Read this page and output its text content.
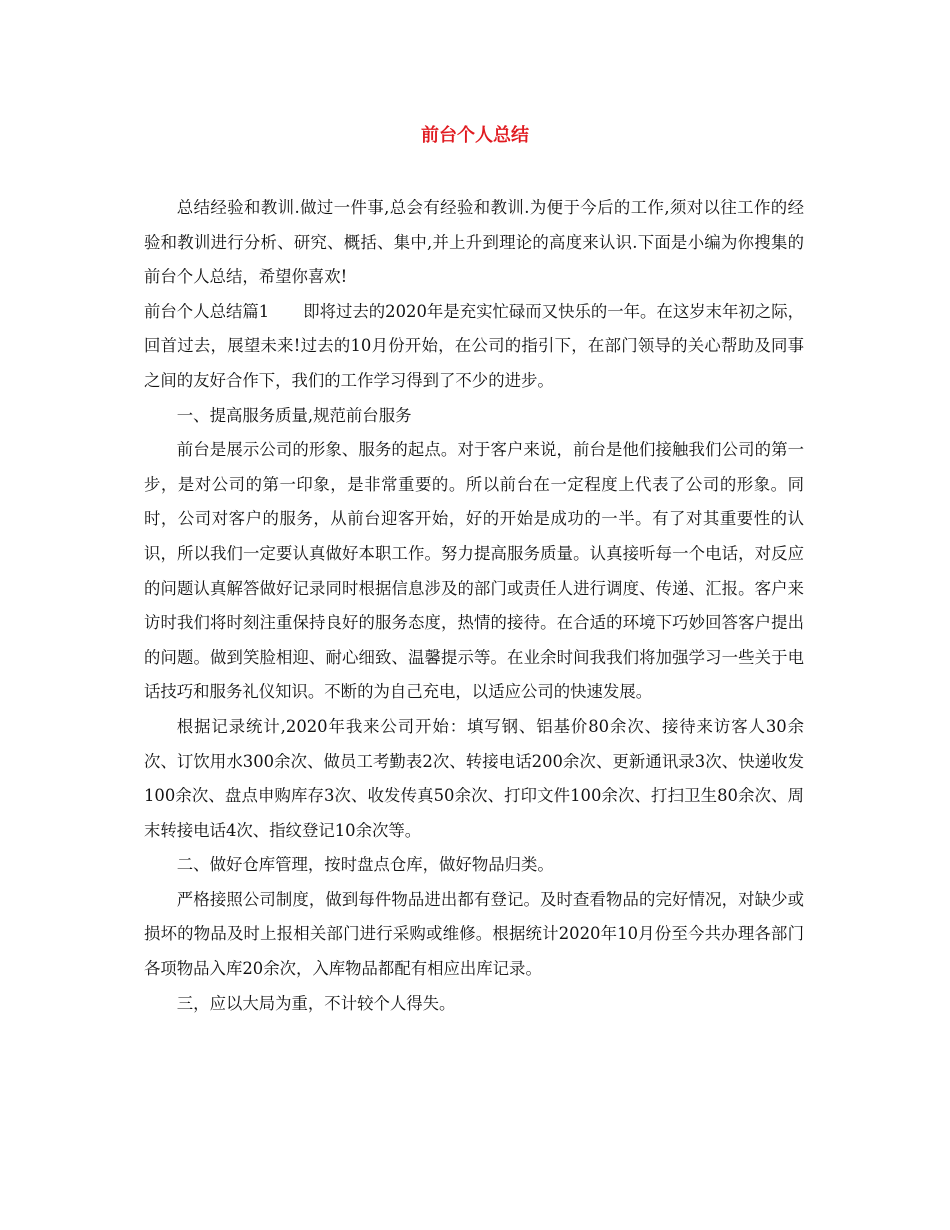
前台个人总结

总结经验和教训.做过一件事,总会有经验和教训.为便于今后的工作,须对以往工作的经验和教训进行分析、研究、概括、集中,并上升到理论的高度来认识.下面是小编为你搜集的前台个人总结，希望你喜欢!

前台个人总结篇1 即将过去的2020年是充实忙碌而又快乐的一年。在这岁末年初之际，回首过去，展望未来!过去的10月份开始，在公司的指引下，在部门领导的关心帮助及同事之间的友好合作下，我们的工作学习得到了不少的进步。

一、提高服务质量,规范前台服务

前台是展示公司的形象、服务的起点。对于客户来说，前台是他们接触我们公司的第一步，是对公司的第一印象，是非常重要的。所以前台在一定程度上代表了公司的形象。同时，公司对客户的服务，从前台迎客开始，好的开始是成功的一半。有了对其重要性的认识，所以我们一定要认真做好本职工作。努力提高服务质量。认真接听每一个电话，对反应的问题认真解答做好记录同时根据信息涉及的部门或责任人进行调度、传递、汇报。客户来访时我们将时刻注重保持良好的服务态度，热情的接待。在合适的环境下巧妙回答客户提出的问题。做到笑脸相迎、耐心细致、温馨提示等。在业余时间我我们将加强学习一些关于电话技巧和服务礼仪知识。不断的为自己充电，以适应公司的快速发展。

根据记录统计,2020年我来公司开始：填写钢、铝基价80余次、接待来访客人30余次、订饮用水300余次、做员工考勤表2次、转接电话200余次、更新通讯录3次、快递收发100余次、盘点申购库存3次、收发传真50余次、打印文件100余次、打扫卫生80余次、周末转接电话4次、指纹登记10余次等。

二、做好仓库管理，按时盘点仓库，做好物品归类。

严格接照公司制度，做到每件物品进出都有登记。及时查看物品的完好情况，对缺少或损坏的物品及时上报相关部门进行采购或维修。根据统计2020年10月份至今共办理各部门各项物品入库20余次，入库物品都配有相应出库记录。

三，应以大局为重，不计较个人得失。
